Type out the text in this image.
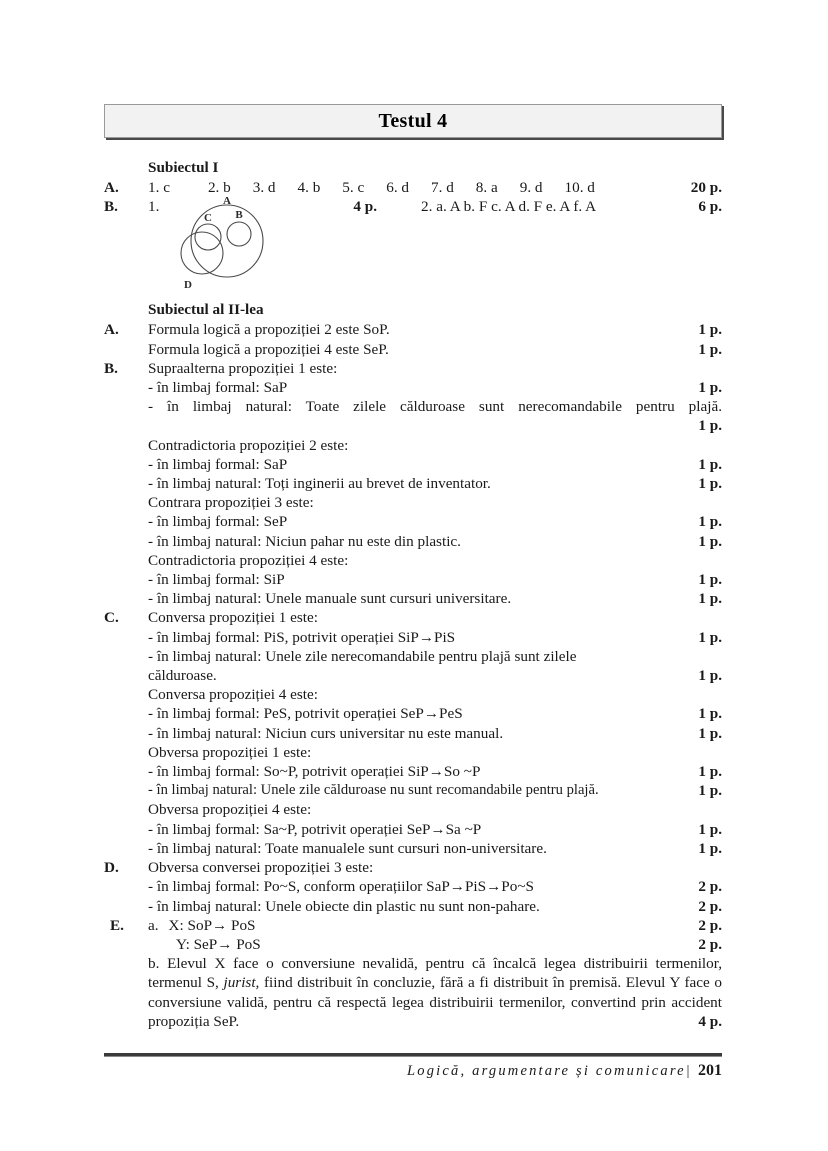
Testul 4
Subiectul I
A.	1. c	2. b 3. d 4. b 5. c 6. d 7. d 8. a 9. d 10. d	20 p.
B.	1.	4 p.	2. a. A b. F c. A d. F e. A f. A	6 p.
Subiectul al II-lea
A.	Formula logică a propoziției 2 este SoP.	1 p.
Formula logică a propoziției 4 este SeP.	1 p.
B.	Supraalterna propoziției 1 este:
- în limbaj formal: SaP	1 p.
- în limbaj natural: Toate zilele călduroase sunt nerecomandabile pentru plajă.
1 p.
Contradictoria propoziției 2 este:
- în limbaj formal: SaP	1 p.
- în limbaj natural: Toți inginerii au brevet de inventator.	1 p.
Contrara propoziției 3 este:
- în limbaj formal: SeP	1 p.
- în limbaj natural: Niciun pahar nu este din plastic.	1 p.
Contradictoria propoziției 4 este:
- în limbaj formal: SiP	1 p.
- în limbaj natural: Unele manuale sunt cursuri universitare.	1 p.
C.	Conversa propoziției 1 este:
- în limbaj formal: PiS, potrivit operației SiP→PiS	1 p.
- în limbaj natural: Unele zile nerecomandabile pentru plajă sunt zilele
călduroase.	1 p.
Conversa propoziției 4 este:
- în limbaj formal: PeS, potrivit operației SeP→PeS	1 p.
- în limbaj natural: Niciun curs universitar nu este manual.	1 p.
Obversa propoziției 1 este:
- în limbaj formal: So~P, potrivit operației SiP→So ~P	1 p.
- în limbaj natural: Unele zile călduroase nu sunt recomandabile pentru plajă.	1 p.
Obversa propoziției 4 este:
- în limbaj formal: Sa~P, potrivit operației SeP→Sa ~P	1 p.
- în limbaj natural: Toate manualele sunt cursuri non-universitare.	1 p.
D.	Obversa conversei propoziției 3 este:
- în limbaj formal: Po~S, conform operațiilor SaP→PiS→Po~S	2 p.
- în limbaj natural: Unele obiecte din plastic nu sunt non-pahare.	2 p.
E.	a. X: SoP→ PoS	2 p.
Y: SeP→ PoS	2 p.
b. Elevul X face o conversiune nevalidă, pentru că încalcă legea distribuirii termenilor, termenul S, jurist, fiind distribuit în concluzie, fără a fi distribuit în premisă. Elevul Y face o conversiune validă, pentru că respectă legea distribuirii termenilor, convertind prin accident propoziția SeP.	4 p.
A
B
C
D
Logică, argumentare și comunicare| 201
